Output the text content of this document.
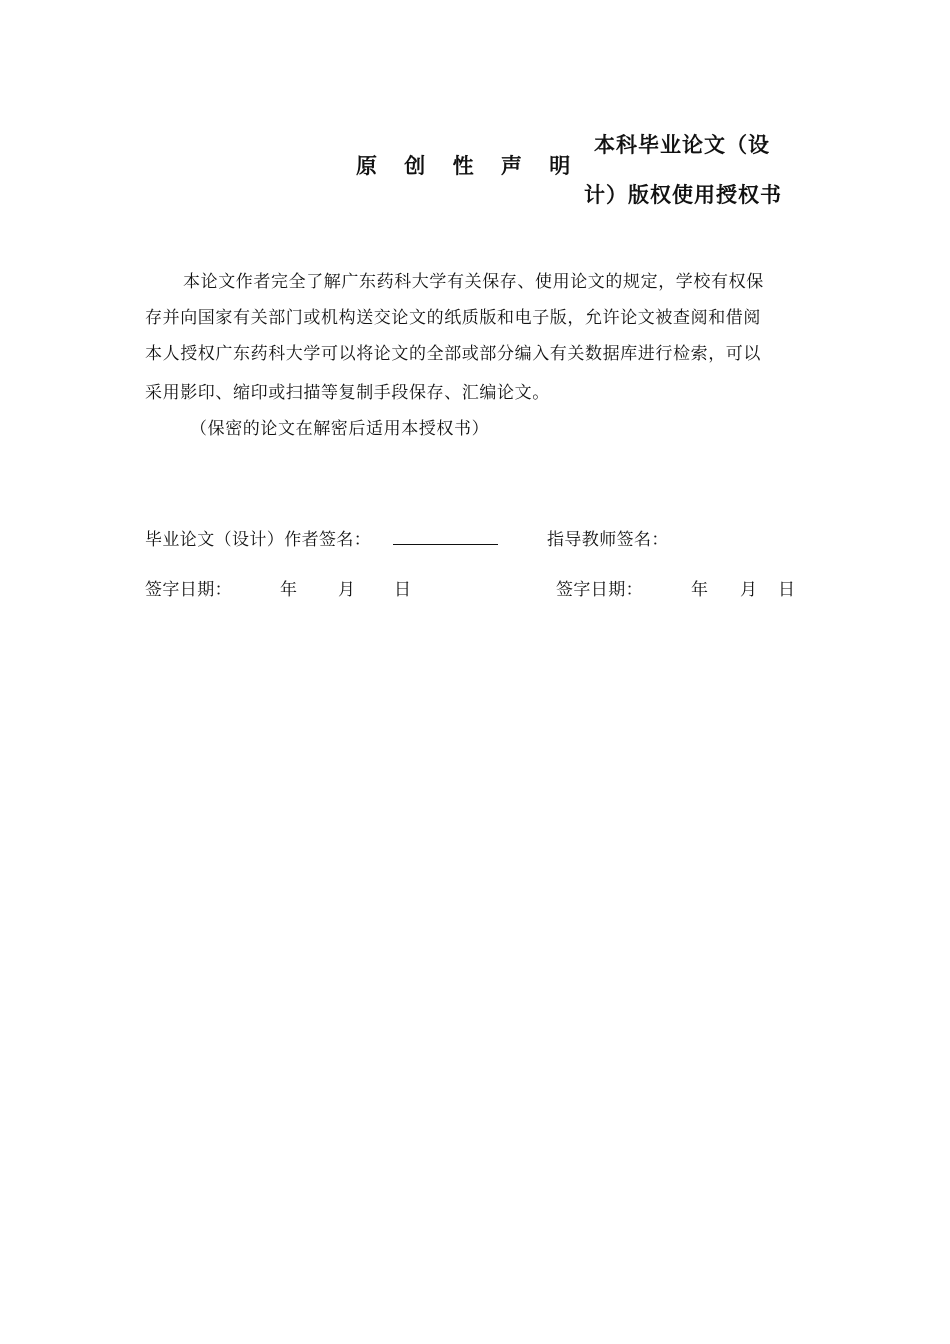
原 创 性 声 明
本科毕业论文（设
计）版权使用授权书
本论文作者完全了解广东药科大学有关保存、使用论文的规定，学校有权保
存并向国家有关部门或机构送交论文的纸质版和电子版，允许论文被查阅和借阅
本人授权广东药科大学可以将论文的全部或部分编入有关数据库进行检索，可以
采用影印、缩印或扫描等复制手段保存、汇编论文。
（保密的论文在解密后适用本授权书）
毕业论文（设计）作者签名：	指导教师签名：
签字日期：	年 月 日	签字日期：	年 月 日
